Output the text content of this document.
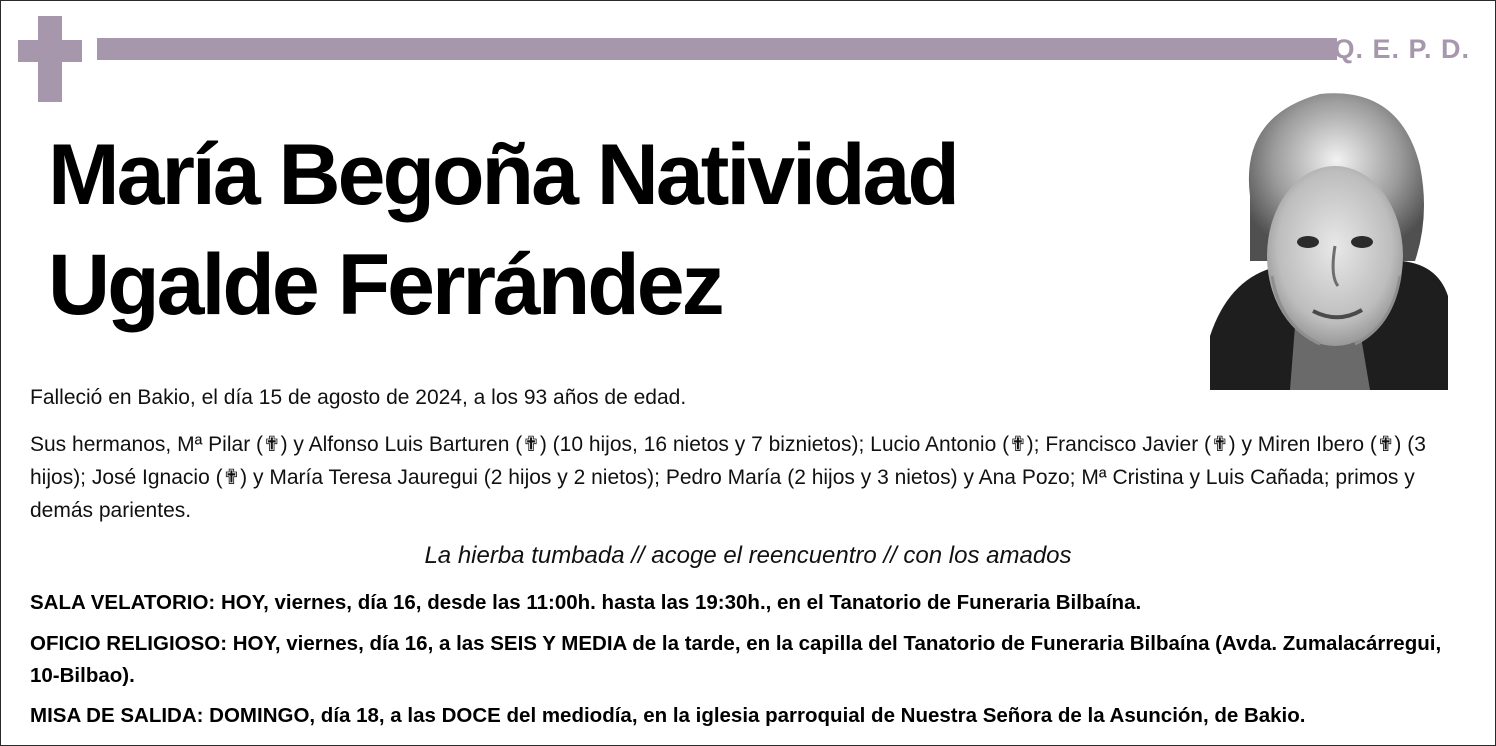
Q. E. P. D.
María Begoña Natividad
Ugalde Ferrández
Falleció en Bakio, el día 15 de agosto de 2024, a los 93 años de edad.
Sus hermanos, Mª Pilar (✟) y Alfonso Luis Barturen (✟) (10 hijos, 16 nietos y 7 biznietos); Lucio Antonio (✟); Francisco Javier (✟) y Miren Ibero (✟) (3 hijos); José Ignacio (✟) y María Teresa Jauregui (2 hijos y 2 nietos); Pedro María (2 hijos y 3 nietos) y Ana Pozo; Mª Cristina y Luis Cañada; primos y demás parientes.
La hierba tumbada // acoge el reencuentro // con los amados
SALA VELATORIO: HOY, viernes, día 16, desde las 11:00h. hasta las 19:30h., en el Tanatorio de Funeraria Bilbaína.
OFICIO RELIGIOSO: HOY, viernes, día 16, a las SEIS Y MEDIA de la tarde, en la capilla del Tanatorio de Funeraria Bilbaína (Avda. Zumalacárregui, 10-Bilbao).
MISA DE SALIDA: DOMINGO, día 18, a las DOCE del mediodía, en la iglesia parroquial de Nuestra Señora de la Asunción, de Bakio.
